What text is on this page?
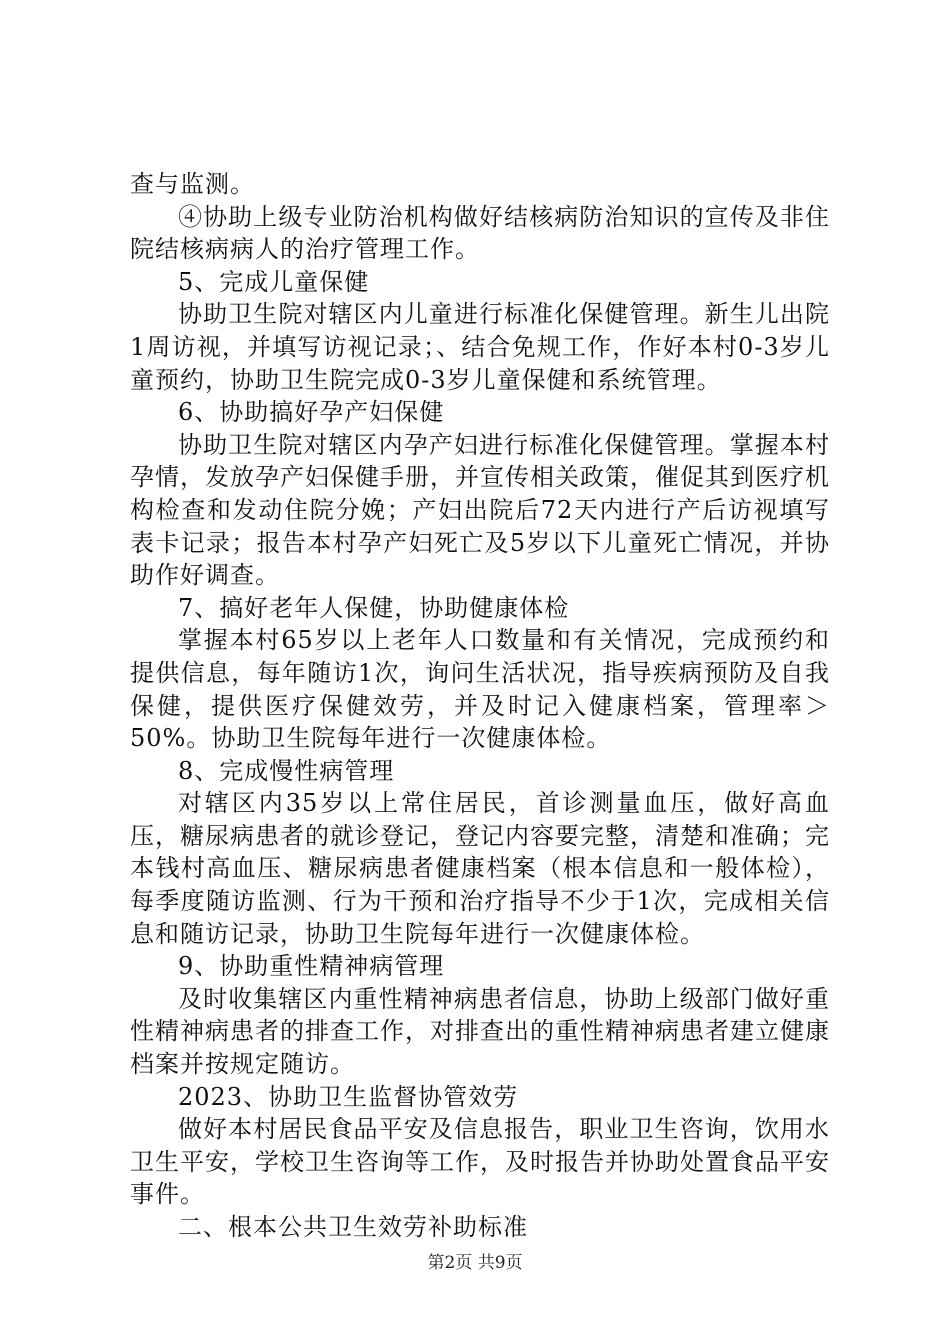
查与监测。

④协助上级专业防治机构做好结核病防治知识的宣传及非住院结核病病人的治疗管理工作。

5、完成儿童保健

协助卫生院对辖区内儿童进行标准化保健管理。新生儿出院1周访视，并填写访视记录；、结合免规工作，作好本村0-3岁儿童预约，协助卫生院完成0-3岁儿童保健和系统管理。

6、协助搞好孕产妇保健

协助卫生院对辖区内孕产妇进行标准化保健管理。掌握本村孕情，发放孕产妇保健手册，并宣传相关政策，催促其到医疗机构检查和发动住院分娩；产妇出院后72天内进行产后访视填写表卡记录；报告本村孕产妇死亡及5岁以下儿童死亡情况，并协助作好调查。

7、搞好老年人保健，协助健康体检

掌握本村65岁以上老年人口数量和有关情况，完成预约和提供信息，每年随访1次，询问生活状况，指导疾病预防及自我保健，提供医疗保健效劳，并及时记入健康档案，管理率＞50%。协助卫生院每年进行一次健康体检。

8、完成慢性病管理

对辖区内35岁以上常住居民，首诊测量血压，做好高血压，糖尿病患者的就诊登记，登记内容要完整，清楚和准确；完本钱村高血压、糖尿病患者健康档案（根本信息和一般体检），每季度随访监测、行为干预和治疗指导不少于1次，完成相关信息和随访记录，协助卫生院每年进行一次健康体检。

9、协助重性精神病管理

及时收集辖区内重性精神病患者信息，协助上级部门做好重性精神病患者的排查工作，对排查出的重性精神病患者建立健康档案并按规定随访。

2023、协助卫生监督协管效劳

做好本村居民食品平安及信息报告，职业卫生咨询，饮用水卫生平安，学校卫生咨询等工作，及时报告并协助处置食品平安事件。

二、根本公共卫生效劳补助标准

第2页 共9页
